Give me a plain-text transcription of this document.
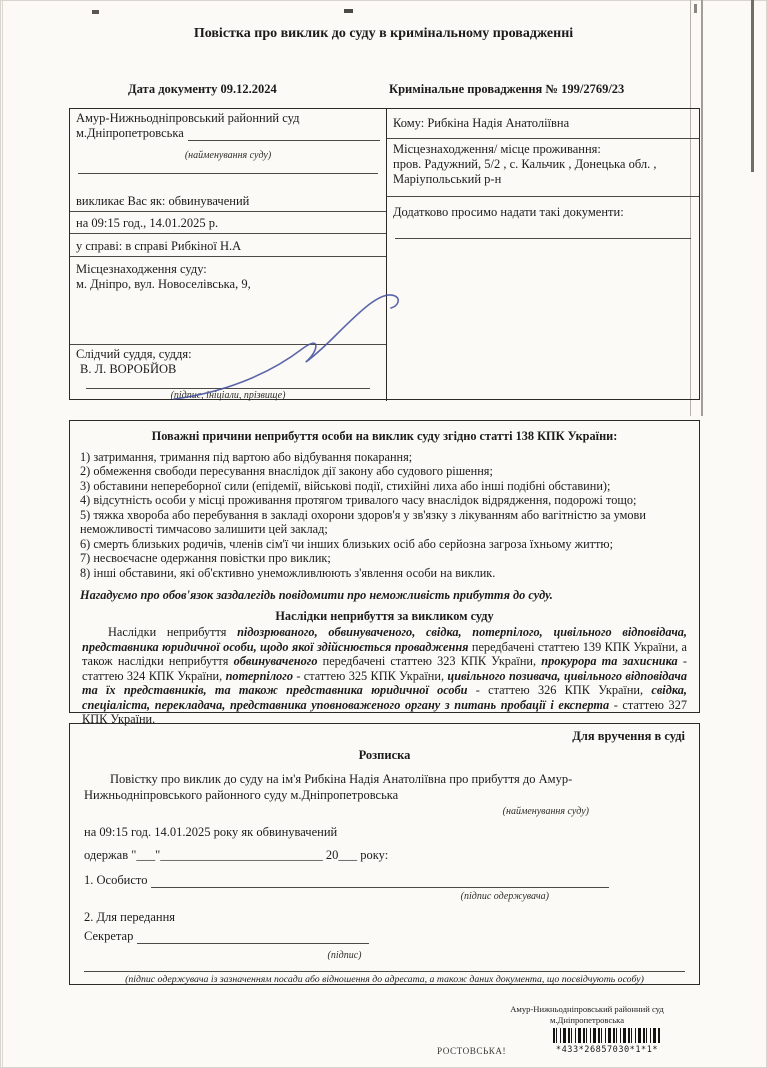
Повістка про виклик до суду в кримінальному провадженні
Дата документу 09.12.2024	Кримінальне провадження № 199/2769/23
Амур-Нижньодніпровський районний суд
м.Дніпропетровська
(найменування суду)
викликає Вас як: обвинувачений
на 09:15 год., 14.01.2025 р.
у справі: в справі Рибкіної Н.А
Місцезнаходження суду:
м. Дніпро, вул. Новоселівська, 9,
Слідчий суддя, суддя:
В. Л. ВОРОБЙОВ
(підпис, ініціали, прізвище)
Кому: Рибкіна Надія Анатоліївна
Місцезнаходження/ місце проживання:
пров. Радужний, 5/2 , с. Кальчик , Донецька обл. ,
Маріупольський р-н
Додатково просимо надати такі документи:
Поважні причини неприбуття особи на виклик суду згідно статті 138 КПК України:
1) затримання, тримання під вартою або відбування покарання;
2) обмеження свободи пересування внаслідок дії закону або судового рішення;
3) обставини непереборної сили (епідемії, військові події, стихійні лиха або інші подібні обставини);
4) відсутність особи у місці проживання протягом тривалого часу внаслідок відрядження, подорожі тощо;
5) тяжка хвороба або перебування в закладі охорони здоров'я у зв'язку з лікуванням або вагітністю за умови неможливості тимчасово залишити цей заклад;
6) смерть близьких родичів, членів сім'ї чи інших близьких осіб або серйозна загроза їхньому життю;
7) несвоєчасне одержання повістки про виклик;
8) інші обставини, які об'єктивно унеможливлюють з'явлення особи на виклик.
Нагадуємо про обов'язок заздалегідь повідомити про неможливість прибуття до суду.
Наслідки неприбуття за викликом суду
Наслідки неприбуття підозрюваного, обвинуваченого, свідка, потерпілого, цивільного відповідача, представника юридичної особи, щодо якої здійснюється провадження передбачені статтею 139 КПК України, а також наслідки неприбуття обвинуваченого передбачені статтею 323 КПК України, прокурора та захисника - статтею 324 КПК України, потерпілого - статтею 325 КПК України, цивільного позивача, цивільного відповідача та їх представників, та також представника юридичної особи - статтею 326 КПК України, свідка, спеціаліста, перекладача, представника уповноваженого органу з питань пробації і експерта - статтею 327 КПК України.
Для вручення в суді
Розписка
Повістку про виклик до суду на ім'я Рибкіна Надія Анатоліївна про прибуття до Амур- Нижньодніпровського районного суду м.Дніпропетровська
(найменування суду)
на 09:15 год. 14.01.2025 року як обвинувачений
одержав "___"__________________________ 20___ року:
1. Особисто
(підпис одержувача)
2. Для передання
Секретар
(підпис)
(підпис одержувача із зазначенням посади або відношення до адресата, а також даних документа, що посвідчують особу)
РОСТОВСЬКА!
Амур-Нижньодніпровський районний суд
м.Дніпропетровська
*433*26857030*1*1*
